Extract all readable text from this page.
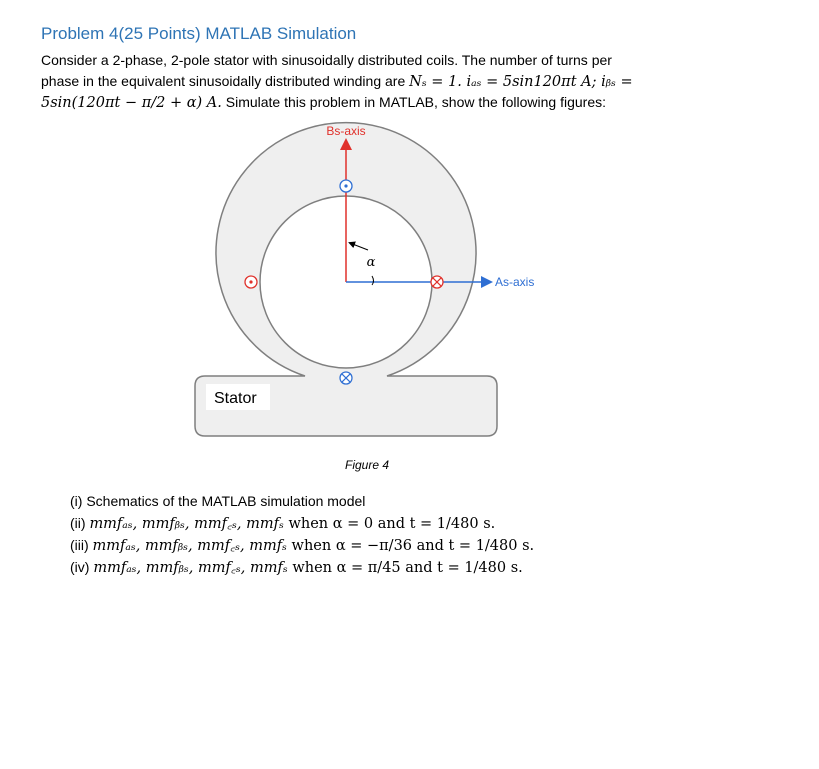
Problem 4(25 Points) MATLAB Simulation
Consider a 2-phase, 2-pole stator with sinusoidally distributed coils. The number of turns per
phase in the equivalent sinusoidally distributed winding are Nₛ = 1. iₐₛ = 5sin120πt A; iᵦₛ =
5sin(120πt − π/2 + α) A. Simulate this problem in MATLAB, show the following figures:
Bs-axis
As-axis
α
Stator
Figure 4
(i) Schematics of the MATLAB simulation model
(ii) mmfₐₛ, mmfᵦₛ, mmf꜀ₛ, mmfₛ when α = 0 and t = 1/480 s.
(iii) mmfₐₛ, mmfᵦₛ, mmf꜀ₛ, mmfₛ when α = −π/36 and t = 1/480 s.
(iv) mmfₐₛ, mmfᵦₛ, mmf꜀ₛ, mmfₛ when α = π/45 and t = 1/480 s.
